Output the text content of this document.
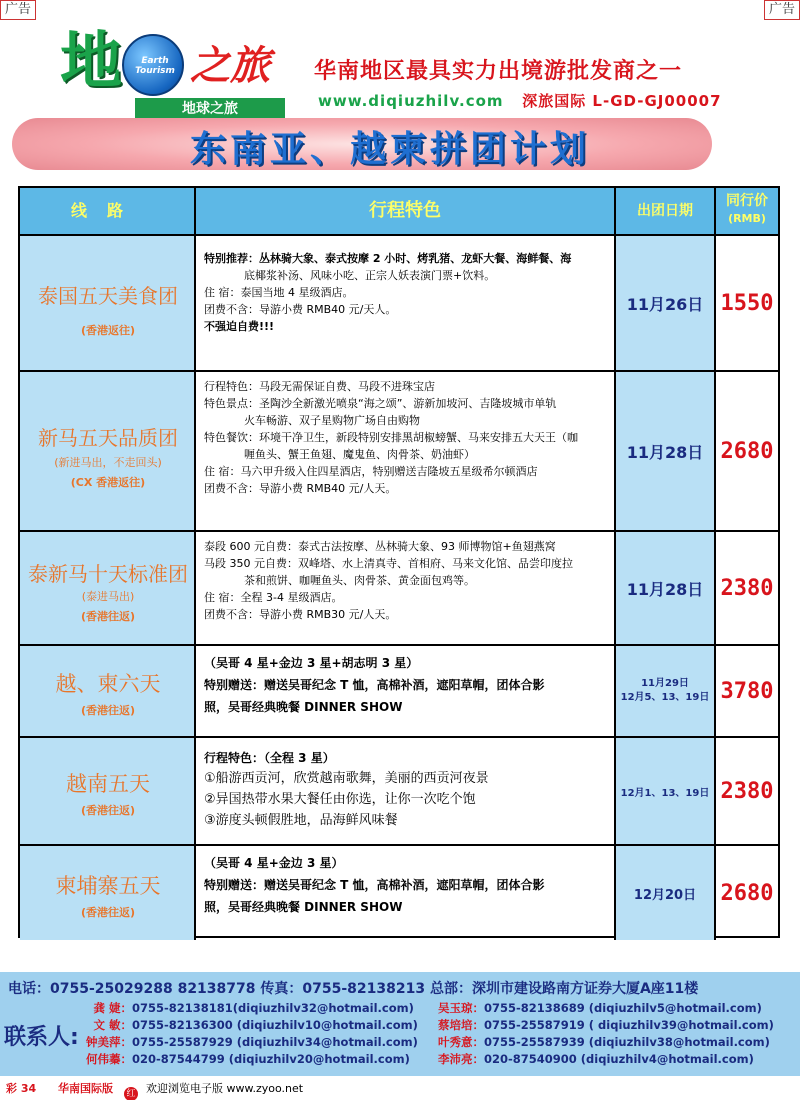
广告	广告
地	Earth Tourism 之旅
地球之旅
华南地区最具实力出境游批发商之一
www.diqiuzhilv.com 深旅国际 L-GD-GJ00007
东南亚、越柬拼团计划
线路	行程特色	出团日期
同行价
(RMB)
泰国五天美食团
(香港返往)
特别推荐：丛林骑大象、泰式按摩 2 小时、烤乳猪、龙虾大餐、海鲜餐、海
底椰浆补汤、风味小吃、正宗人妖表演门票+饮料。
住 宿：泰国当地 4 星级酒店。
团费不含：导游小费 RMB40 元/天人。
不强迫自费!!!
11月26日 1550
新马五天品质团
(新进马出，不走回头)
(CX 香港返往)
行程特色：马段无需保证自费、马段不进珠宝店
特色景点：圣陶沙全新激光喷泉“海之颂”、游新加坡河、吉隆坡城市单轨
火车畅游、双子星购物广场自由购物
特色餐饮：环境干净卫生，新段特别安排黑胡椒螃蟹、马来安排五大天王（咖
喱鱼头、蟹王鱼翅、魔鬼鱼、肉骨茶、奶油虾）
住 宿：马六甲升级入住四星酒店，特别赠送吉隆坡五星级希尔顿酒店
团费不含：导游小费 RMB40 元/人天。
11月28日 2680
泰新马十天标准团
(泰进马出)
(香港往返)
泰段 600 元自费：泰式古法按摩、丛林骑大象、93 师博物馆+鱼翅燕窝
马段 350 元自费：双峰塔、水上清真寺、首相府、马来文化馆、品尝印度拉
茶和煎饼、咖喱鱼头、肉骨茶、黄金面包鸡等。
住 宿：全程 3-4 星级酒店。
团费不含：导游小费 RMB30 元/人天。
11月28日 2380
越、柬六天
(香港往返)
（吴哥 4 星+金边 3 星+胡志明 3 星）
特别赠送：赠送吴哥纪念 T 恤，高棉补酒，遮阳草帽，团体合影
照，吴哥经典晚餐 DINNER SHOW
11月29日
12月5、13、19日 3780
越南五天
(香港往返)
行程特色：（全程 3 星）
①船游西贡河，欣赏越南歌舞，美丽的西贡河夜景
②异国热带水果大餐任由你选，让你一次吃个饱
③游度头顿假胜地，品海鲜风味餐
12月1、13、19日 2380
柬埔寨五天
(香港往返)
（吴哥 4 星+金边 3 星）
特别赠送：赠送吴哥纪念 T 恤，高棉补酒，遮阳草帽，团体合影
照，吴哥经典晚餐 DINNER SHOW
12月20日	2680
电话：0755-25029288 82138778 传真：0755-82138213 总部：深圳市建设路南方证券大厦A座11楼
联系人:
龚 婕：0755-82138181(diqiuzhilv32@hotmail.com)
文 敏：0755-82136300 (diqiuzhilv10@hotmail.com)
钟美萍：0755-25587929 (diqiuzhilv34@hotmail.com)
何伟蓁：020-87544799 (diqiuzhilv20@hotmail.com)
吴玉琼：0755-82138689 (diqiuzhilv5@hotmail.com)
蔡培培：0755-25587919 ( diqiuzhilv39@hotmail.com)
叶秀意：0755-25587939 (diqiuzhilv38@hotmail.com)
李沛亮：020-87540900 (diqiuzhilv4@hotmail.com)
彩 34 华南国际版 红 欢迎浏览电子版 www.zyoo.net
